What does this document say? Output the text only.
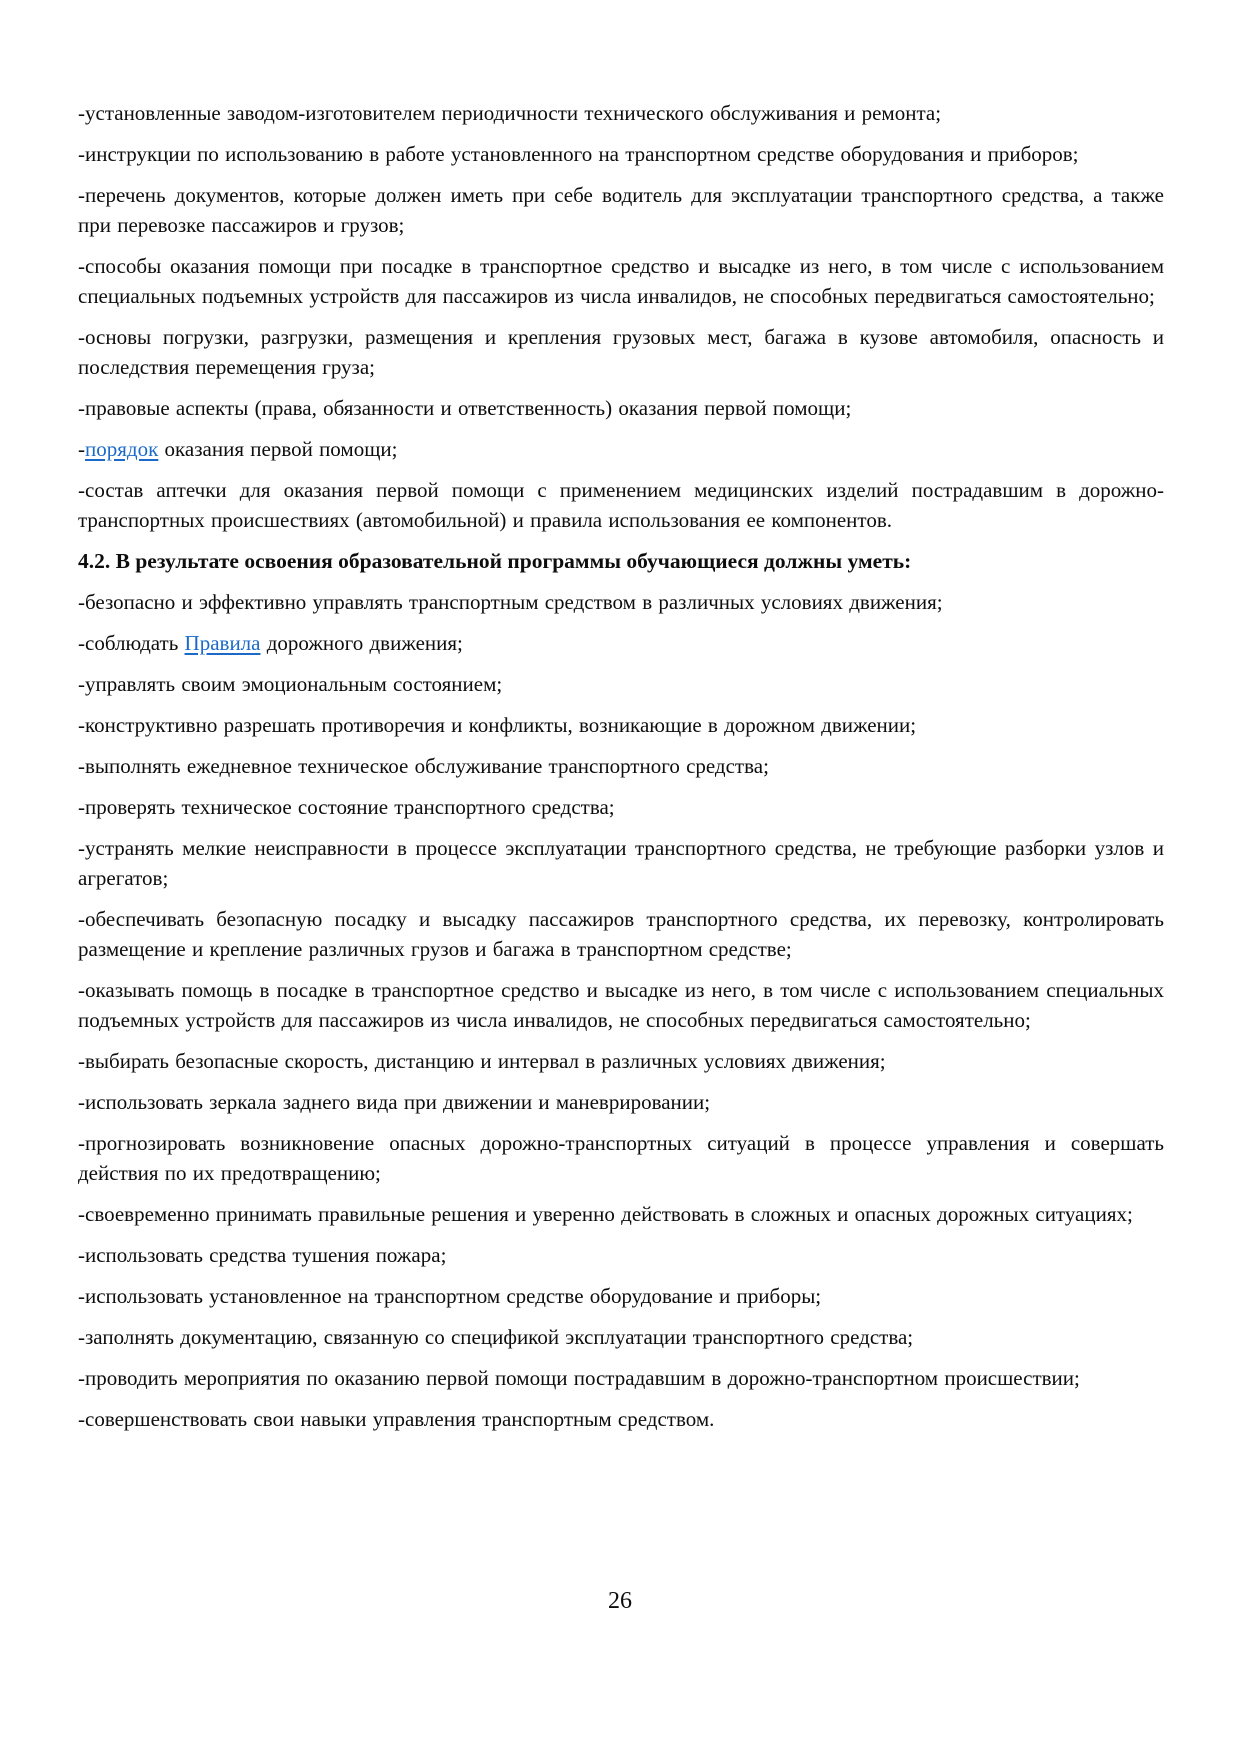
-установленные заводом-изготовителем периодичности технического обслуживания и ремонта;

-инструкции по использованию в работе установленного на транспортном средстве оборудования и приборов;

-перечень документов, которые должен иметь при себе водитель для эксплуатации транспортного средства, а также при перевозке пассажиров и грузов;

-способы оказания помощи при посадке в транспортное средство и высадке из него, в том числе с использованием специальных подъемных устройств для пассажиров из числа инвалидов, не способных передвигаться самостоятельно;

-основы погрузки, разгрузки, размещения и крепления грузовых мест, багажа в кузове автомобиля, опасность и последствия перемещения груза;

-правовые аспекты (права, обязанности и ответственность) оказания первой помощи;

-порядок оказания первой помощи;

-состав аптечки для оказания первой помощи с применением медицинских изделий пострадавшим в дорожно-транспортных происшествиях (автомобильной) и правила использования ее компонентов.

4.2. В результате освоения образовательной программы обучающиеся должны уметь:

-безопасно и эффективно управлять транспортным средством в различных условиях движения;

-соблюдать Правила дорожного движения;

-управлять своим эмоциональным состоянием;

-конструктивно разрешать противоречия и конфликты, возникающие в дорожном движении;

-выполнять ежедневное техническое обслуживание транспортного средства;

-проверять техническое состояние транспортного средства;

-устранять мелкие неисправности в процессе эксплуатации транспортного средства, не требующие разборки узлов и агрегатов;

-обеспечивать безопасную посадку и высадку пассажиров транспортного средства, их перевозку, контролировать размещение и крепление различных грузов и багажа в транспортном средстве;

-оказывать помощь в посадке в транспортное средство и высадке из него, в том числе с использованием специальных подъемных устройств для пассажиров из числа инвалидов, не способных передвигаться самостоятельно;

-выбирать безопасные скорость, дистанцию и интервал в различных условиях движения;

-использовать зеркала заднего вида при движении и маневрировании;

-прогнозировать возникновение опасных дорожно-транспортных ситуаций в процессе управления и совершать действия по их предотвращению;

-своевременно принимать правильные решения и уверенно действовать в сложных и опасных дорожных ситуациях;

-использовать средства тушения пожара;

-использовать установленное на транспортном средстве оборудование и приборы;

-заполнять документацию, связанную со спецификой эксплуатации транспортного средства;

-проводить мероприятия по оказанию первой помощи пострадавшим в дорожно-транспортном происшествии;

-совершенствовать свои навыки управления транспортным средством.

26
